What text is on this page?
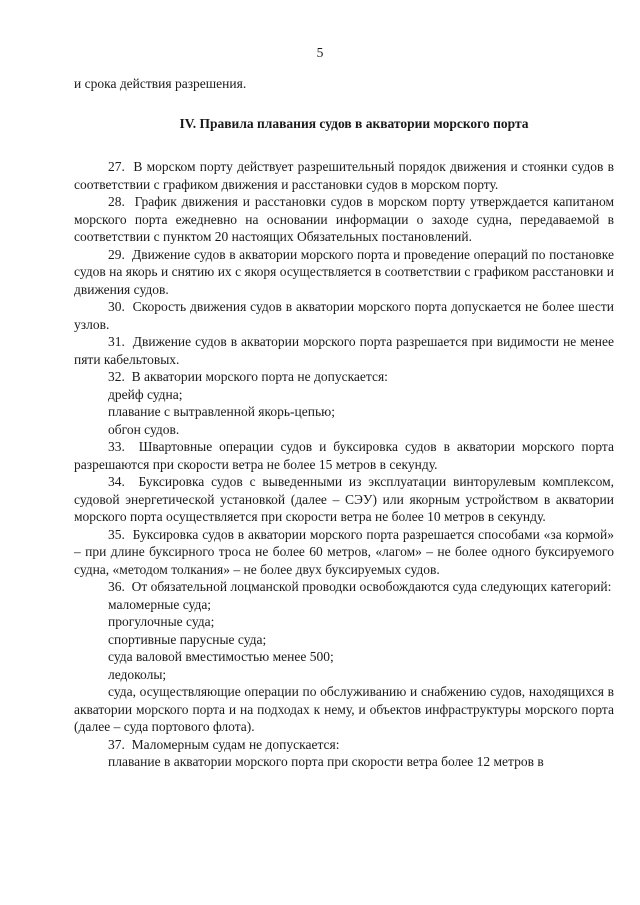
5

и срока действия разрешения.

IV. Правила плавания судов в акватории морского порта

27.  В морском порту действует разрешительный порядок движения и стоянки судов в соответствии с графиком движения и расстановки судов в морском порту.

28.  График движения и расстановки судов в морском порту утверждается капитаном морского порта ежедневно на основании информации о заходе судна, передаваемой в соответствии с пунктом 20 настоящих Обязательных постановлений.

29.  Движение судов в акватории морского порта и проведение операций по постановке судов на якорь и снятию их с якоря осуществляется в соответствии с графиком расстановки и движения судов.

30.  Скорость движения судов в акватории морского порта допускается не более шести узлов.

31.  Движение судов в акватории морского порта разрешается при видимости не менее пяти кабельтовых.

32.  В акватории морского порта не допускается:

дрейф судна;

плавание с вытравленной якорь-цепью;

обгон судов.

33.  Швартовные операции судов и буксировка судов в акватории морского порта разрешаются при скорости ветра не более 15 метров в секунду.

34.  Буксировка судов с выведенными из эксплуатации винторулевым комплексом, судовой энергетической установкой (далее – СЭУ) или якорным устройством в акватории морского порта осуществляется при скорости ветра не более 10 метров в секунду.

35.  Буксировка судов в акватории морского порта разрешается способами «за кормой» – при длине буксирного троса не более 60 метров, «лагом» – не более одного буксируемого судна, «методом толкания» – не более двух буксируемых судов.

36.  От обязательной лоцманской проводки освобождаются суда следующих категорий:

маломерные суда;

прогулочные суда;

спортивные парусные суда;

суда валовой вместимостью менее 500;

ледоколы;

суда, осуществляющие операции по обслуживанию и снабжению судов, находящихся в акватории морского порта и на подходах к нему, и объектов инфраструктуры морского порта (далее – суда портового флота).

37.  Маломерным судам не допускается:

плавание в акватории морского порта при скорости ветра более 12 метров в
